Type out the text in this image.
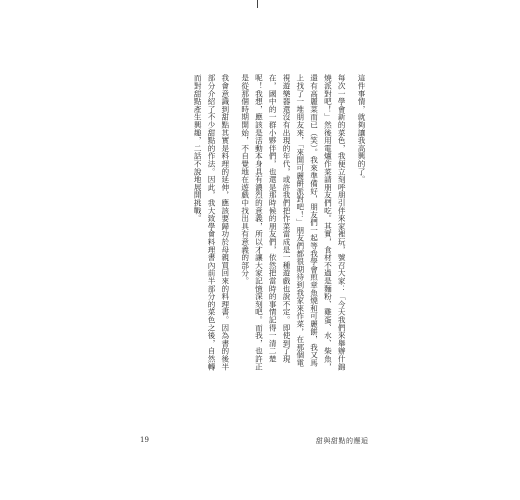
這件事情，就夠讓我高興的了。

每次一學會新的菜色，我便立刻呼朋引伴來家裡玩，號召大家：「今天我們來舉辦什錦燒派對吧！」然後用電爐作菜請朋友們吃。其實，食材不過是麵粉、雞蛋、水、柴魚，還有高麗菜而已（笑）。我來準備好，朋友們一起等我學會煎章魚燒和可麗餅，我又馬上找了一堆朋友來，「來開可麗餅派對吧！」朋友們都很期待到我家來作菜，在那個電視遊樂器還沒有出現的年代，或許我們把作菜當成是一種遊戲也說不定。即使到了現在，國中的一群小夥伴們，也還是那時候的朋友們，依然把當時的事情記得一清二楚呢！我想，應該是活動本身具有濃烈的意義，所以才讓大家記憶深刻吧。而我，也許正是從那個時期開始，不自覺地在遊戲中找出具有意義的部分。

我會意識到甜點其實是料理的延伸，應該要歸功於母親買回來的料理書。因為書的後半部分介紹了不少甜點的作法。因此，我大致學會料理書內前半部分的菜色之後，自然轉而對甜點產生興趣，二話不說地展開挑戰。

19	甜與甜點的邂逅
